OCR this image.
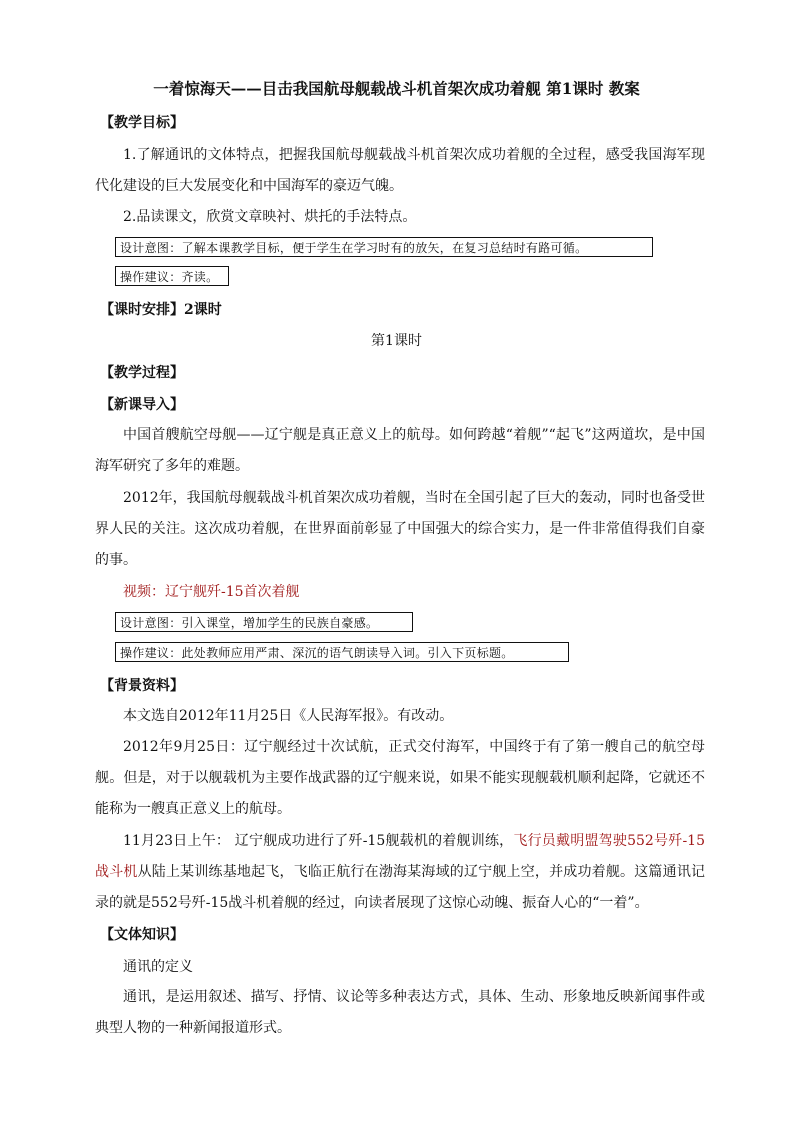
一着惊海天——目击我国航母舰载战斗机首架次成功着舰 第1课时 教案
【教学目标】
1.了解通讯的文体特点，把握我国航母舰载战斗机首架次成功着舰的全过程，感受我国海军现代化建设的巨大发展变化和中国海军的豪迈气魄。
2.品读课文，欣赏文章映衬、烘托的手法特点。
设计意图：了解本课教学目标，便于学生在学习时有的放矢，在复习总结时有路可循。
操作建议：齐读。
【课时安排】2课时
第1课时
【教学过程】
【新课导入】
中国首艘航空母舰——辽宁舰是真正意义上的航母。如何跨越“着舰”“起飞”这两道坎，是中国海军研究了多年的难题。
2012年，我国航母舰载战斗机首架次成功着舰，当时在全国引起了巨大的轰动，同时也备受世界人民的关注。这次成功着舰，在世界面前彰显了中国强大的综合实力，是一件非常值得我们自豪的事。
视频：辽宁舰歼-15首次着舰
设计意图：引入课堂，增加学生的民族自豪感。
操作建议：此处教师应用严肃、深沉的语气朗读导入词。引入下页标题。
【背景资料】
本文选自2012年11月25日《人民海军报》。有改动。
2012年9月25日：辽宁舰经过十次试航，正式交付海军，中国终于有了第一艘自己的航空母舰。但是，对于以舰载机为主要作战武器的辽宁舰来说，如果不能实现舰载机顺利起降，它就还不能称为一艘真正意义上的航母。
11月23日上午： 辽宁舰成功进行了歼-15舰载机的着舰训练，飞行员戴明盟驾驶552号歼-15战斗机从陆上某训练基地起飞，飞临正航行在渤海某海域的辽宁舰上空，并成功着舰。这篇通讯记录的就是552号歼-15战斗机着舰的经过，向读者展现了这惊心动魄、振奋人心的“一着”。
【文体知识】
通讯的定义
通讯，是运用叙述、描写、抒情、议论等多种表达方式，具体、生动、形象地反映新闻事件或典型人物的一种新闻报道形式。
